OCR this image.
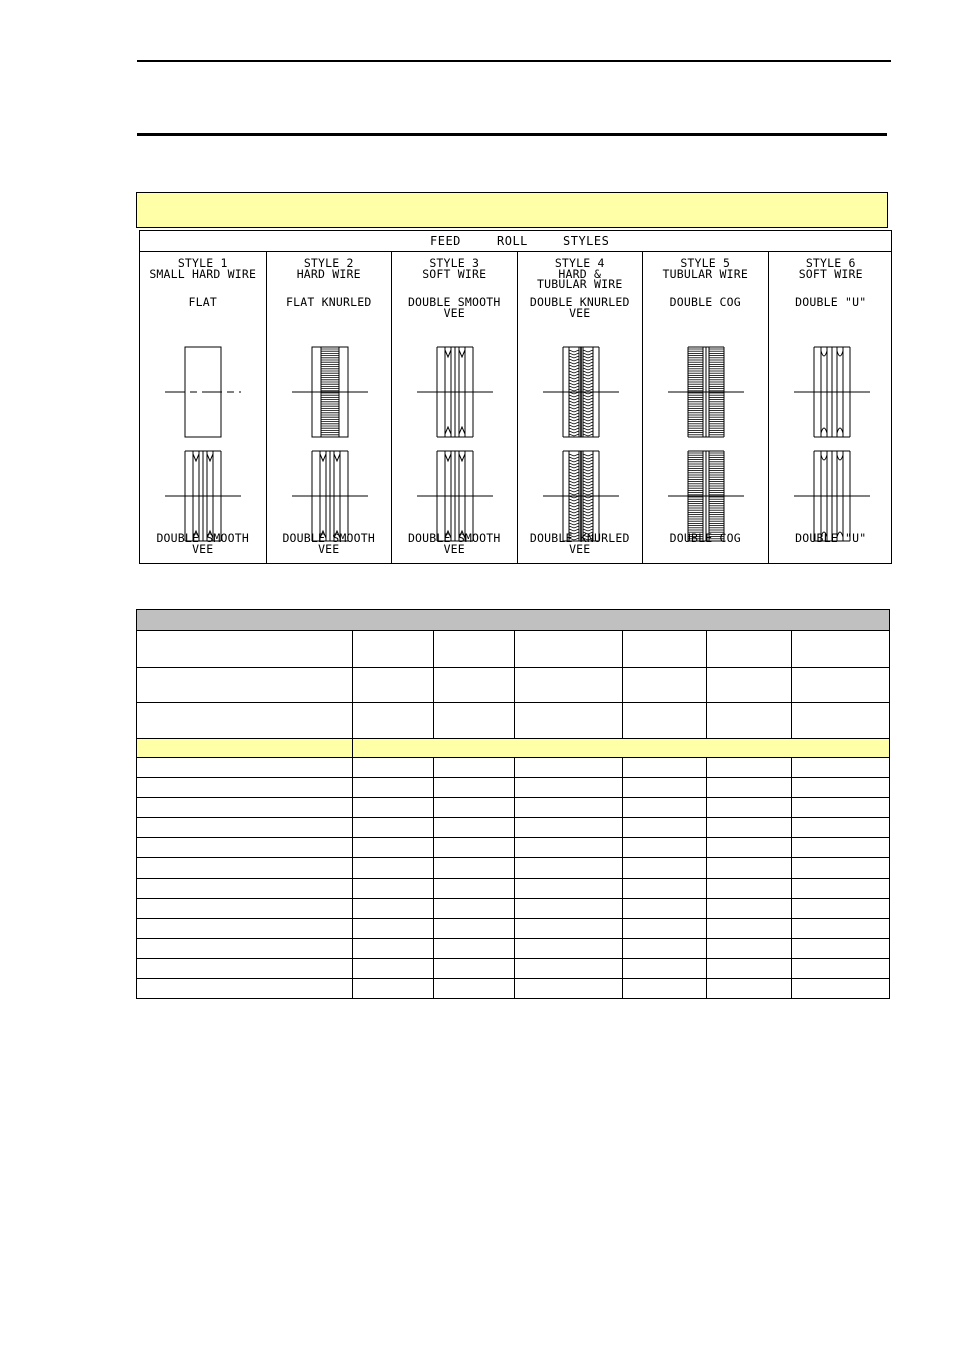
FEED	ROLL	STYLES
STYLE 1
SMALL HARD WIRE
FLAT
DOUBLE SMOOTH
VEE
STYLE 2
HARD WIRE
FLAT KNURLED
DOUBLE SMOOTH
VEE
STYLE 3
SOFT WIRE
DOUBLE SMOOTH
VEE
DOUBLE SMOOTH
VEE
STYLE 4
HARD &
TUBULAR WIRE
DOUBLE KNURLED
VEE
DOUBLE KNURLED
VEE
STYLE 5
TUBULAR WIRE
DOUBLE COG
DOUBLE COG
STYLE 6
SOFT WIRE
DOUBLE "U"
DOUBLE "U"
